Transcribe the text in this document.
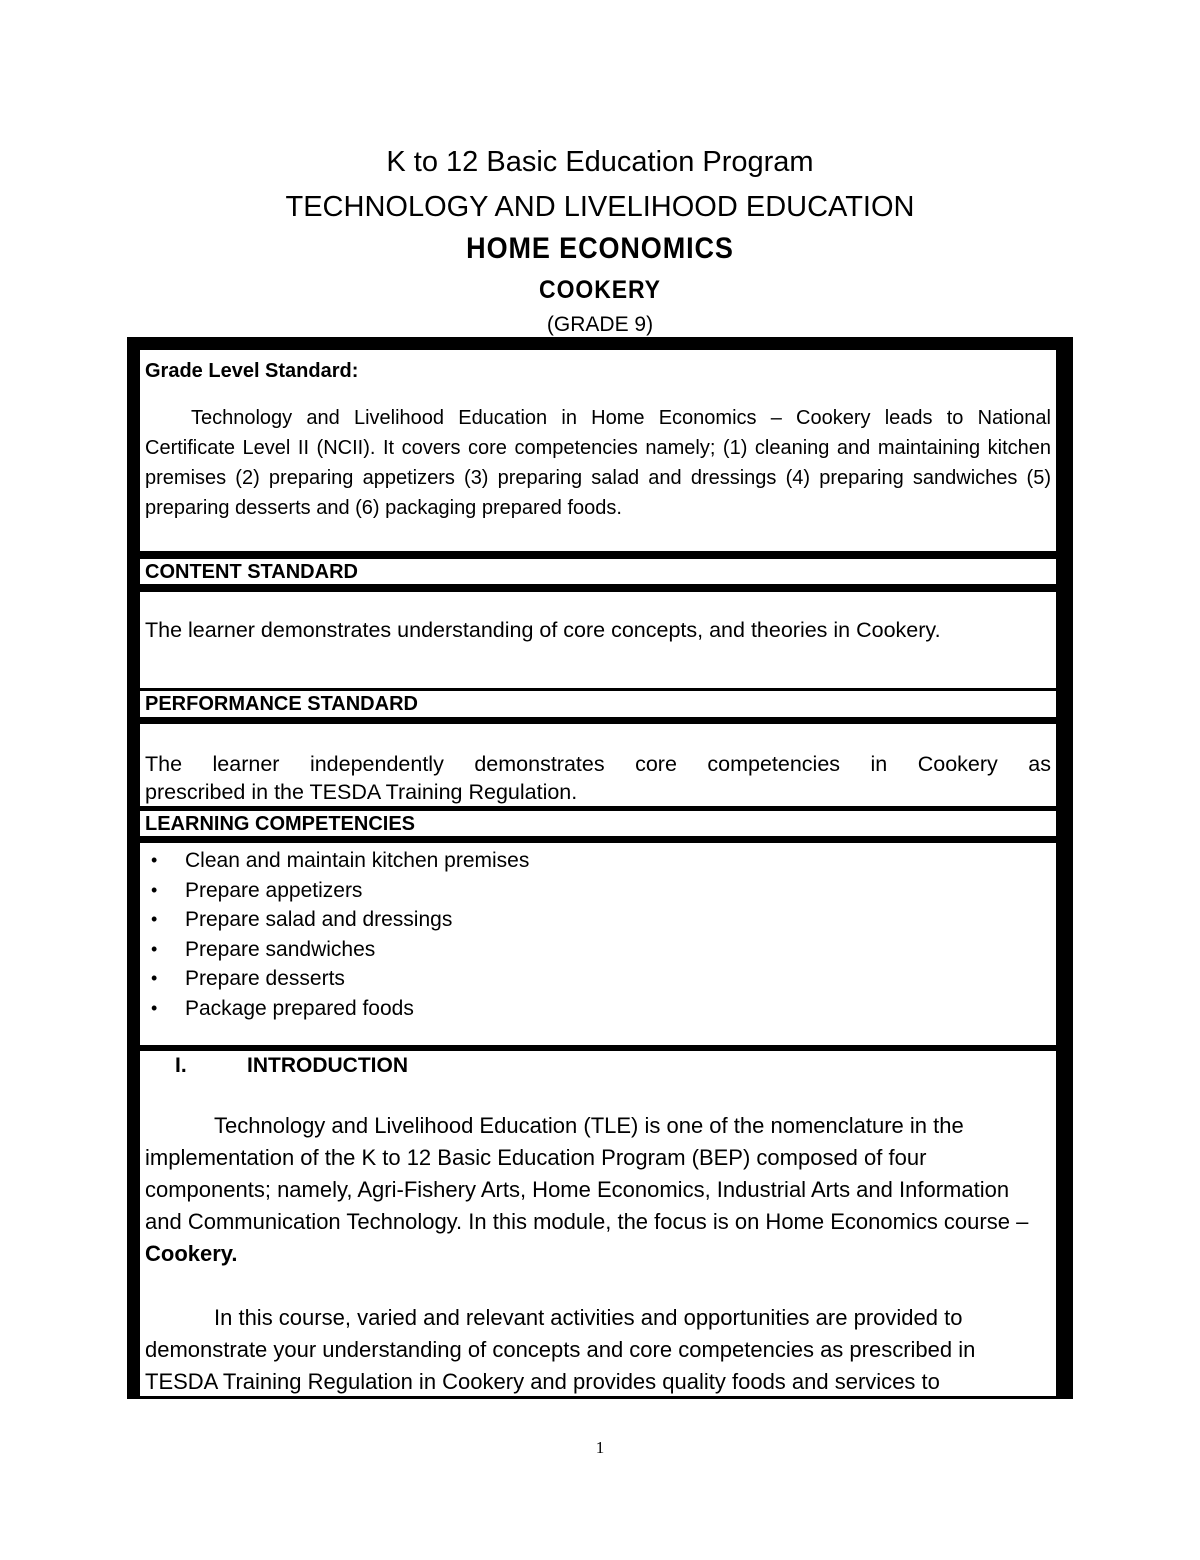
K to 12 Basic Education Program
TECHNOLOGY AND LIVELIHOOD EDUCATION
HOME ECONOMICS
COOKERY
(GRADE 9)
Grade Level Standard:
Technology and Livelihood Education in Home Economics – Cookery leads to National Certificate Level II (NCII). It covers core competencies namely; (1) cleaning and maintaining kitchen premises (2) preparing appetizers (3) preparing salad and dressings (4) preparing sandwiches (5) preparing desserts and (6) packaging prepared foods.
CONTENT STANDARD
The learner demonstrates understanding of core concepts, and theories in Cookery.
PERFORMANCE STANDARD
The learner independently demonstrates core competencies in Cookery as
prescribed in the TESDA Training Regulation.
LEARNING COMPETENCIES
• Clean and maintain kitchen premises
• Prepare appetizers
• Prepare salad and dressings
• Prepare sandwiches
• Prepare desserts
• Package prepared foods
I.	INTRODUCTION
Technology and Livelihood Education (TLE) is one of the nomenclature in the implementation of the K to 12 Basic Education Program (BEP) composed of four components; namely, Agri-Fishery Arts, Home Economics, Industrial Arts and Information and Communication Technology. In this module, the focus is on Home Economics course – Cookery.
In this course, varied and relevant activities and opportunities are provided to demonstrate your understanding of concepts and core competencies as prescribed in TESDA Training Regulation in Cookery and provides quality foods and services to
1
